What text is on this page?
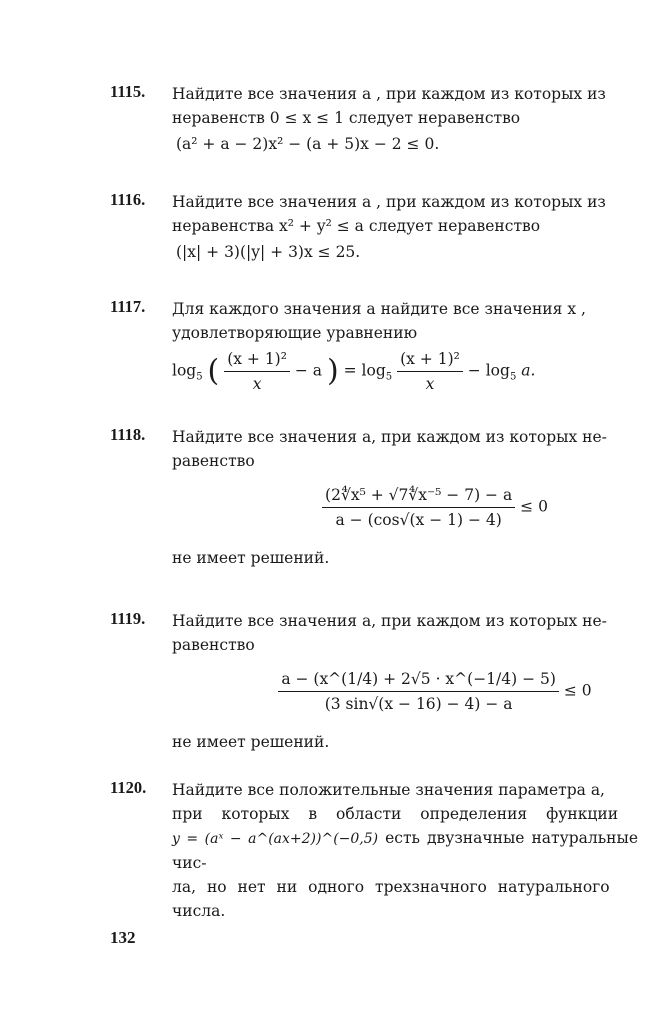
1115. Найдите все значения a , при каждом из которых из

неравенств 0 ≤ x ≤ 1 следует неравенство

(a² + a − 2)x² − (a + 5)x − 2 ≤ 0.
1116. Найдите все значения a , при каждом из которых из

неравенства x² + y² ≤ a следует неравенство

(|x| + 3)(|y| + 3)x ≤ 25.
1117. Для каждого значения a найдите все значения x ,

удовлетворяющие уравнению

$\log_5$ ( $\frac{\text{(x + 1)²}}{x} - a$ ) = $\log_5 \frac{\text{(x + 1)²}}{x} - \log_5 a$.
1118. Найдите все значения a, при каждом из которых не-

равенство

$\frac{\text{(2∜x⁵ + √7∜x⁻⁵ − 7) − a}}{a - (\cos√(x - 1) - 4)} \le 0$

не имеет решений.

1119. Найдите все значения a, при каждом из которых не-

равенство

$\frac{a - (x\^{}(1/4) + 2√5 \cdot x\^{}(-1/4) - 5)}{(3 \sin√(x - 16) - 4) - a} \le 0$

не имеет решений.

1120. Найдите все положительные значения параметра a,

при которых в области определения функции

y = (aˣ − a^(ax+2))^(−0,5) есть двузначные натуральные чис-

ла, но нет ни одного трехзначного натурального

числа.

132
